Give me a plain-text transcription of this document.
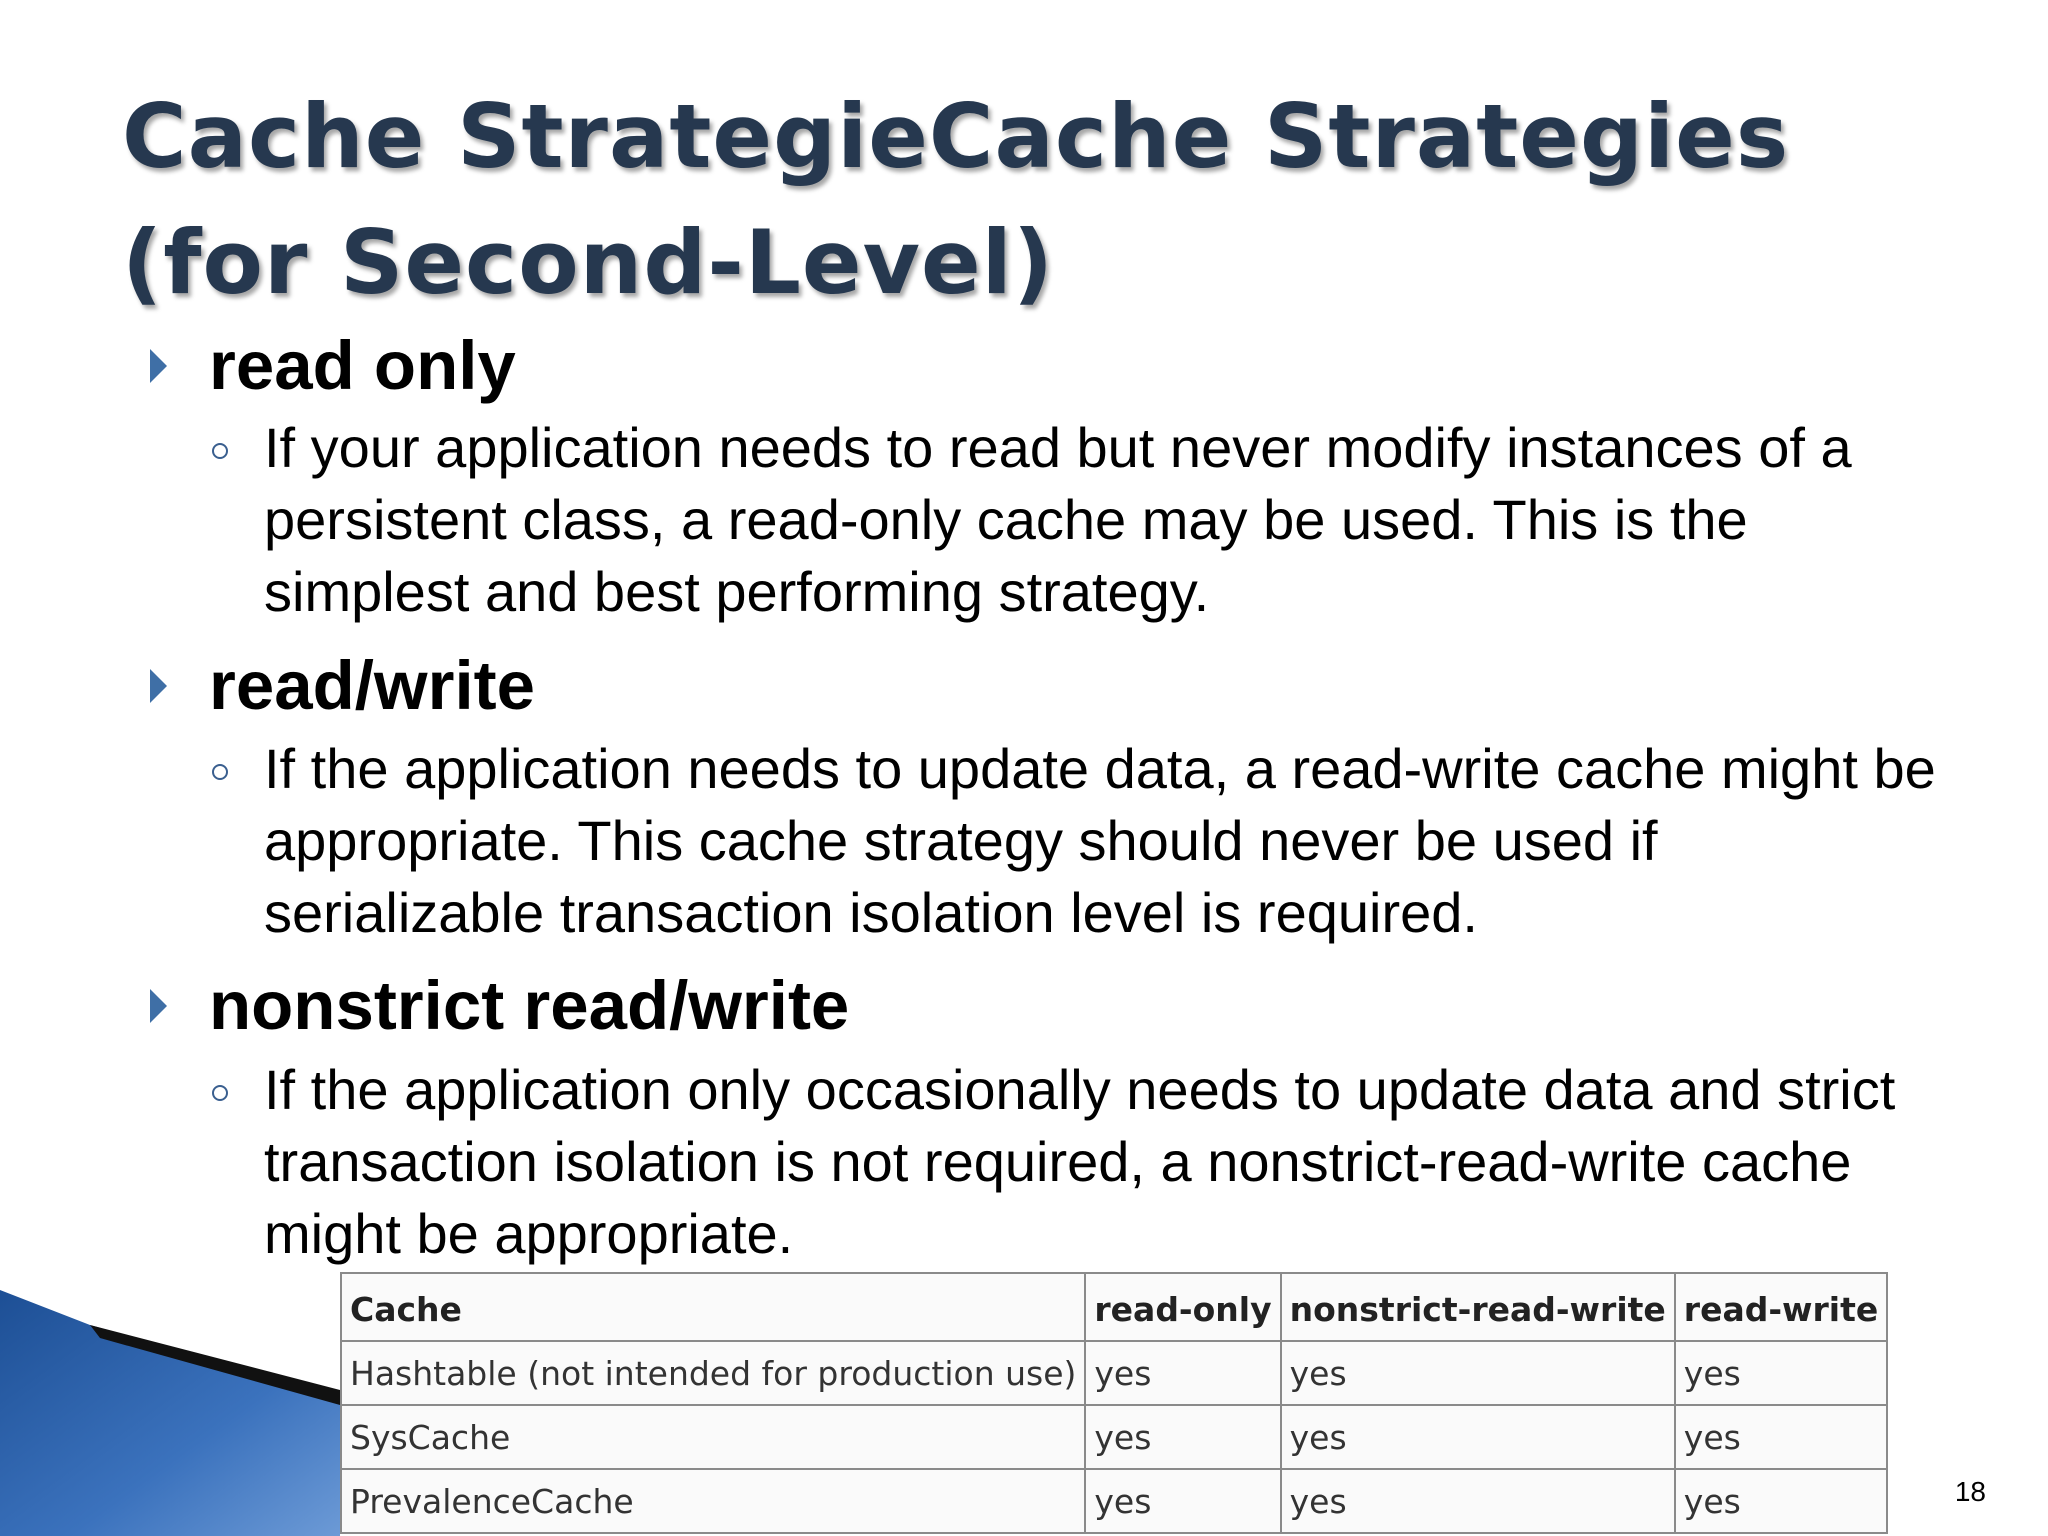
Cache StrategieCache Strategies
(for Second-Level)
read only
If your application needs to read but never modify instances of a persistent class, a read-only cache may be used. This is the simplest and best performing strategy.
read/write
If the application needs to update data, a read-write cache might be appropriate. This cache strategy should never be used if serializable transaction isolation level is required.
nonstrict read/write
If the application only occasionally needs to update data and strict transaction isolation is not required, a nonstrict-read-write cache might be appropriate.
Cache	read-only	nonstrict-read-write	read-write
Hashtable (not intended for production use)	yes	yes	yes
SysCache	yes	yes	yes
PrevalenceCache	yes	yes	yes	18
